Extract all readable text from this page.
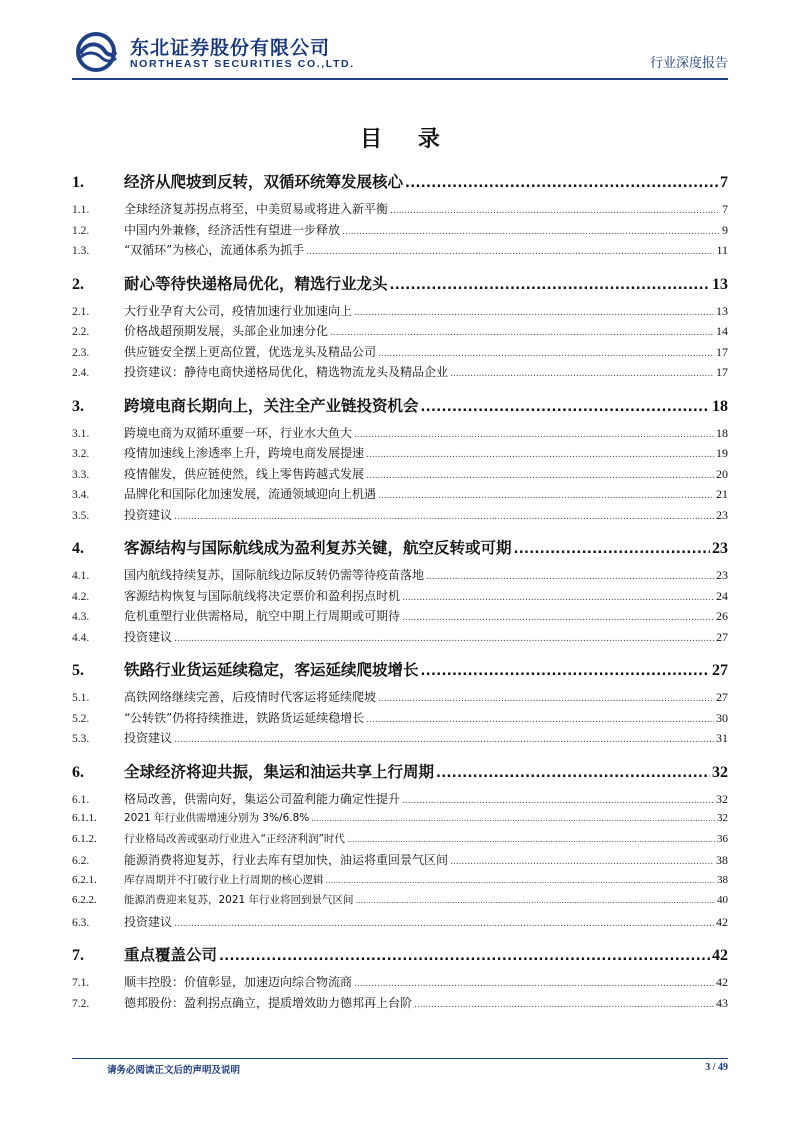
东北证券股份有限公司
NORTHEAST SECURITIES CO.,LTD.	行业深度报告
目 录
1.	经济从爬坡到反转，双循环统筹发展核心 .....	7
1.1.	全球经济复苏拐点将至，中美贸易或将进入新平衡 .....	7
1.2.	中国内外兼修，经济活性有望进一步释放 .....	9
1.3.	“双循环”为核心，流通体系为抓手 .....	11
2.	耐心等待快递格局优化，精选行业龙头 .....	13
2.1.	大行业孕育大公司，疫情加速行业加速向上 .....	13
2.2.	价格战超预期发展，头部企业加速分化 .....	14
2.3.	供应链安全摆上更高位置，优选龙头及精品公司 .....	17
2.4.	投资建议：静待电商快递格局优化，精选物流龙头及精品企业 .....	17
3.	跨境电商长期向上，关注全产业链投资机会 .....	18
3.1.	跨境电商为双循环重要一环，行业水大鱼大 .....	18
3.2.	疫情加速线上渗透率上升，跨境电商发展提速 .....	19
3.3.	疫情催发，供应链使然，线上零售跨越式发展 .....	20
3.4.	品牌化和国际化加速发展，流通领域迎向上机遇 .....	21
3.5.	投资建议 .....	23
4.	客源结构与国际航线成为盈利复苏关键，航空反转或可期 .....	23
4.1.	国内航线持续复苏，国际航线边际反转仍需等待疫苗落地 .....	23
4.2.	客源结构恢复与国际航线将决定票价和盈利拐点时机 .....	24
4.3.	危机重塑行业供需格局，航空中期上行周期或可期待 .....	26
4.4.	投资建议 .....	27
5.	铁路行业货运延续稳定，客运延续爬坡增长 .....	27
5.1.	高铁网络继续完善，后疫情时代客运将延续爬坡 .....	27
5.2.	“公转铁”仍将持续推进，铁路货运延续稳增长 .....	30
5.3.	投资建议 .....	31
6.	全球经济将迎共振，集运和油运共享上行周期 .....	32
6.1.	格局改善，供需向好，集运公司盈利能力确定性提升 .....	32
6.1.1.	2021 年行业供需增速分别为 3%/6.8% .....	32
6.1.2.	行业格局改善或驱动行业进入“正经济利润”时代 .....	36
6.2.	能源消费将迎复苏，行业去库有望加快，油运将重回景气区间 .....	38
6.2.1.	库存周期并不打破行业上行周期的核心逻辑 .....	38
6.2.2.	能源消费迎来复苏，2021 年行业将回到景气区间 .....	40
6.3.	投资建议 .....	42
7.	重点覆盖公司 .....	42
7.1.	顺丰控股：价值彰显，加速迈向综合物流商 .....	42
7.2.	德邦股份：盈利拐点确立，提质增效助力德邦再上台阶 .....	43
请务必阅读正文后的声明及说明	3 / 49
